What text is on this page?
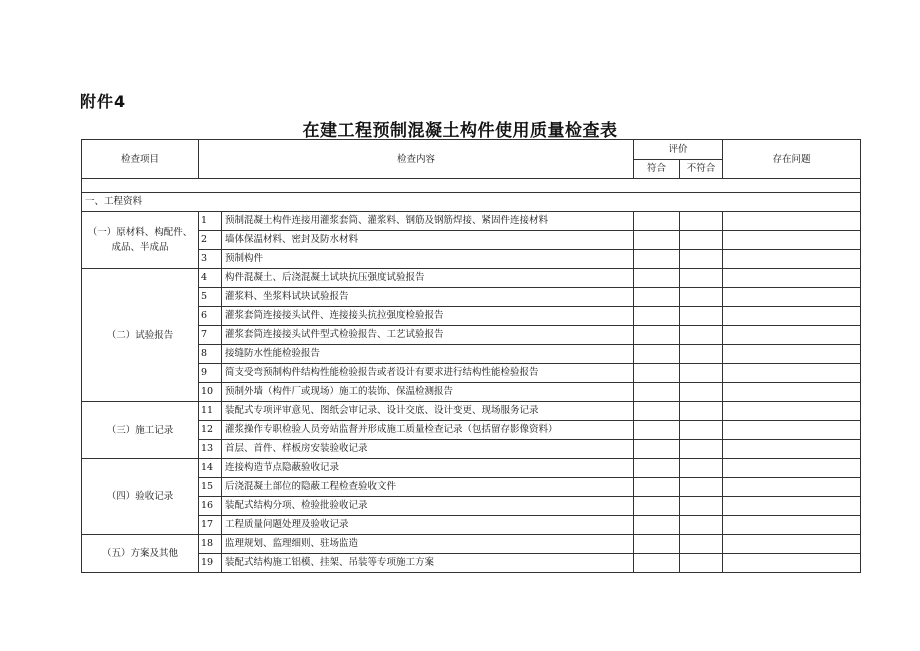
附件4
在建工程预制混凝土构件使用质量检查表
检查项目	检查内容		评价		存在问题
			符合	不符合	

一、工程资料					
（一）原材料、构配件、成品、半成品	1	预制混凝土构件连接用灌浆套筒、灌浆料、钢筋及钢筋焊接、紧固件连接材料			
	2	墙体保温材料、密封及防水材料			
	3	预制构件			
（二）试验报告	4	构件混凝土、后浇混凝土试块抗压强度试验报告			
	5	灌浆料、坐浆料试块试验报告			
	6	灌浆套筒连接接头试件、连接接头抗拉强度检验报告			
	7	灌浆套筒连接接头试件型式检验报告、工艺试验报告			
	8	接缝防水性能检验报告			
	9	简支受弯预制构件结构性能检验报告或者设计有要求进行结构性能检验报告			
	10	预制外墙（构件厂或现场）施工的装饰、保温检测报告			
（三）施工记录	11	装配式专项评审意见、图纸会审记录、设计交底、设计变更、现场服务记录			
	12	灌浆操作专职检验人员旁站监督并形成施工质量检查记录（包括留存影像资料）			
	13	首层、首件、样板房安装验收记录			
（四）验收记录	14	连接构造节点隐蔽验收记录			
	15	后浇混凝土部位的隐蔽工程检查验收文件			
	16	装配式结构分项、检验批验收记录			
	17	工程质量问题处理及验收记录			
（五）方案及其他	18	监理规划、监理细则、驻场监造			
	19	装配式结构施工铝模、挂架、吊装等专项施工方案			
